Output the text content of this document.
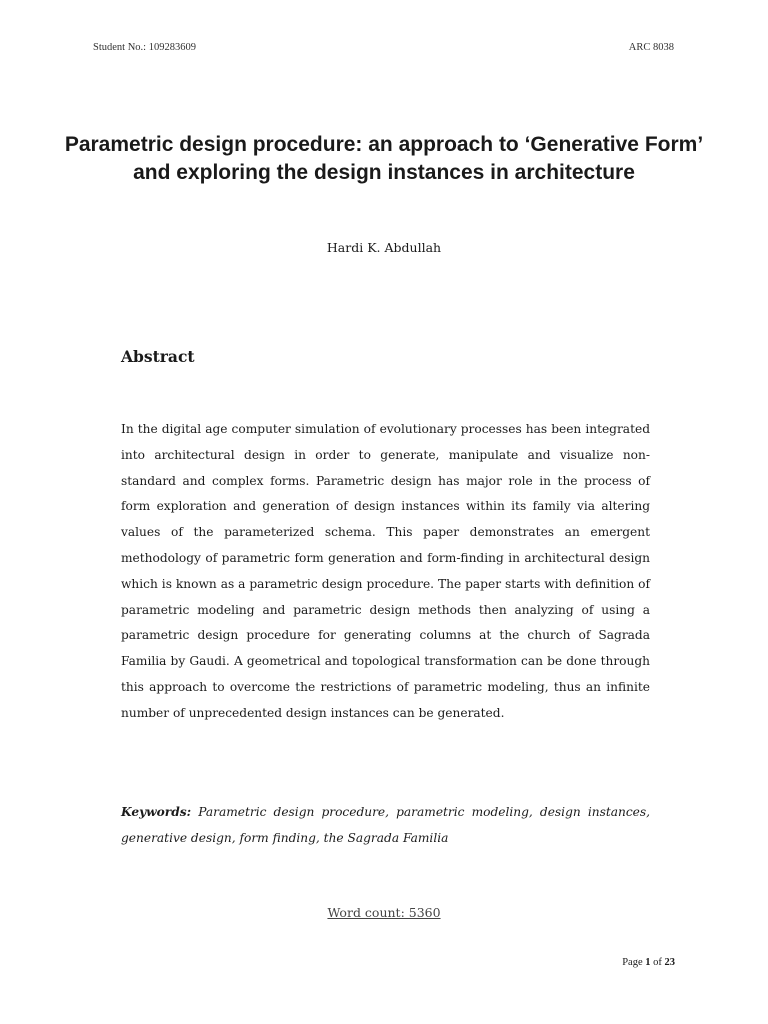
Student No.: 109283609	ARC 8038
Parametric design procedure: an approach to ‘Generative Form’ and exploring the design instances in architecture
Hardi K. Abdullah
Abstract
In the digital age computer simulation of evolutionary processes has been integrated into architectural design in order to generate, manipulate and visualize non-standard and complex forms. Parametric design has major role in the process of form exploration and generation of design instances within its family via altering values of the parameterized schema. This paper demonstrates an emergent methodology of parametric form generation and form-finding in architectural design which is known as a parametric design procedure. The paper starts with definition of parametric modeling and parametric design methods then analyzing of using a parametric design procedure for generating columns at the church of Sagrada Familia by Gaudi. A geometrical and topological transformation can be done through this approach to overcome the restrictions of parametric modeling, thus an infinite number of unprecedented design instances can be generated.
Keywords: Parametric design procedure, parametric modeling, design instances, generative design, form finding, the Sagrada Familia
Word count: 5360
Page 1 of 23
